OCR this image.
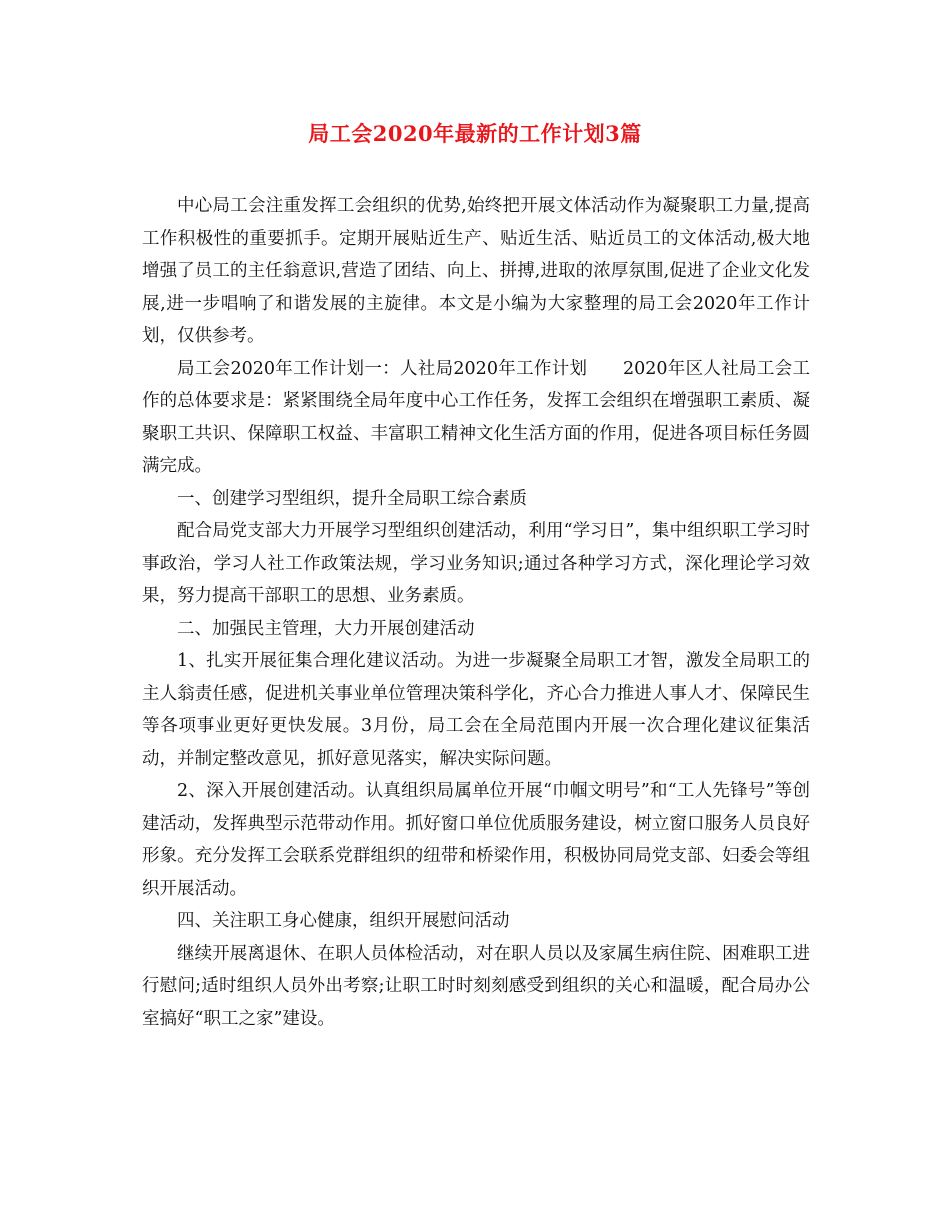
局工会2020年最新的工作计划3篇

中心局工会注重发挥工会组织的优势,始终把开展文体活动作为凝聚职工力量,提高工作积极性的重要抓手。定期开展贴近生产、贴近生活、贴近员工的文体活动,极大地增强了员工的主任翁意识,营造了团结、向上、拼搏,进取的浓厚氛围,促进了企业文化发展,进一步唱响了和谐发展的主旋律。本文是小编为大家整理的局工会2020年工作计划，仅供参考。

局工会2020年工作计划一：人社局2020年工作计划　　2020年区人社局工会工作的总体要求是：紧紧围绕全局年度中心工作任务，发挥工会组织在增强职工素质、凝聚职工共识、保障职工权益、丰富职工精神文化生活方面的作用，促进各项目标任务圆满完成。

一、创建学习型组织，提升全局职工综合素质

配合局党支部大力开展学习型组织创建活动，利用“学习日”，集中组织职工学习时事政治，学习人社工作政策法规，学习业务知识;通过各种学习方式，深化理论学习效果，努力提高干部职工的思想、业务素质。

二、加强民主管理，大力开展创建活动

1、扎实开展征集合理化建议活动。为进一步凝聚全局职工才智，激发全局职工的主人翁责任感，促进机关事业单位管理决策科学化，齐心合力推进人事人才、保障民生等各项事业更好更快发展。3月份，局工会在全局范围内开展一次合理化建议征集活动，并制定整改意见，抓好意见落实，解决实际问题。

2、深入开展创建活动。认真组织局属单位开展“巾帼文明号”和“工人先锋号”等创建活动，发挥典型示范带动作用。抓好窗口单位优质服务建设，树立窗口服务人员良好形象。充分发挥工会联系党群组织的纽带和桥梁作用，积极协同局党支部、妇委会等组织开展活动。

四、关注职工身心健康，组织开展慰问活动

继续开展离退休、在职人员体检活动，对在职人员以及家属生病住院、困难职工进行慰问;适时组织人员外出考察;让职工时时刻刻感受到组织的关心和温暖，配合局办公室搞好“职工之家”建设。
